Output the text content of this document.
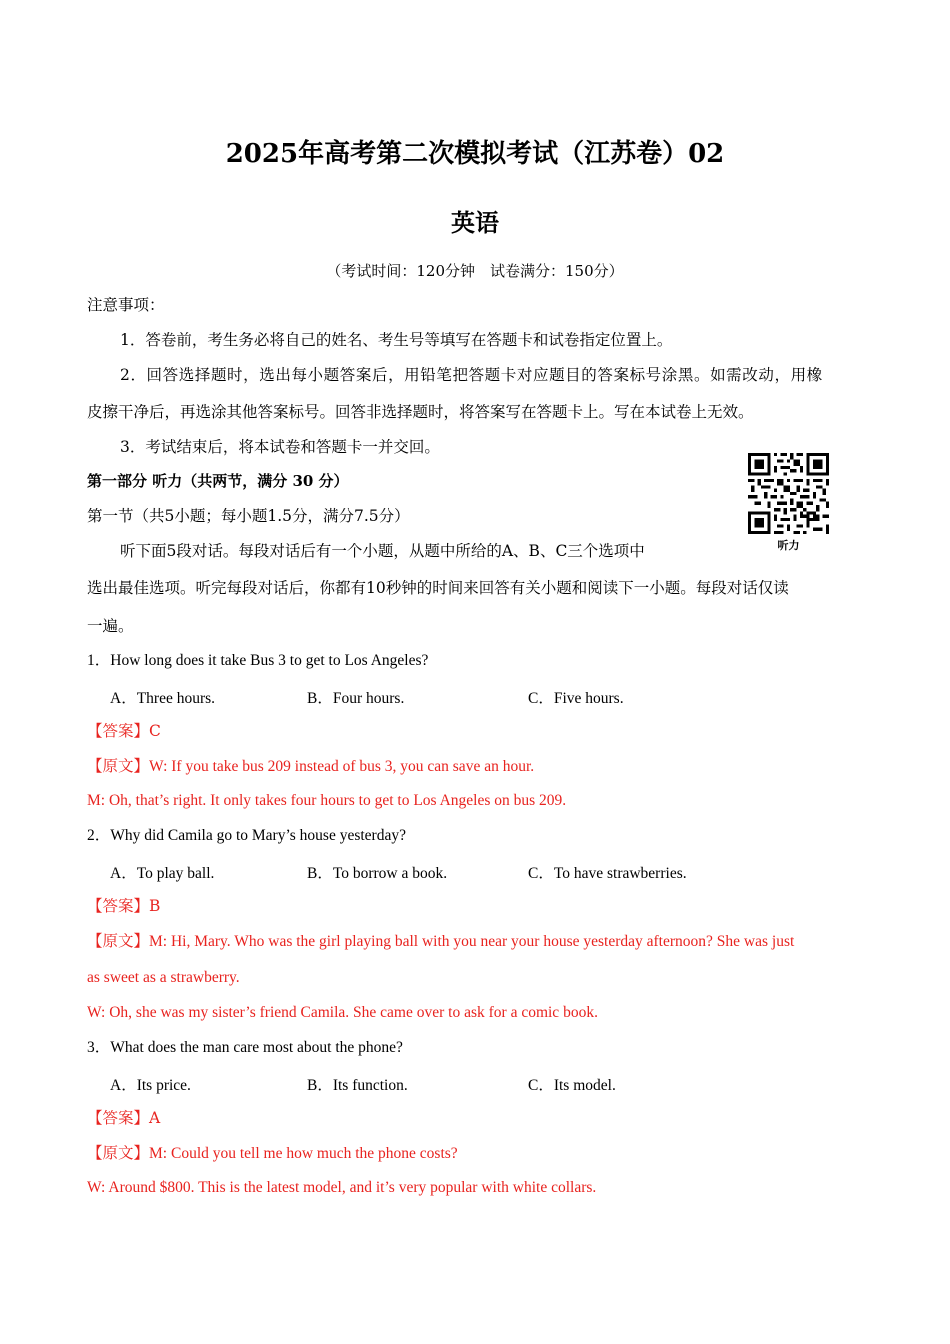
2025年高考第二次模拟考试（江苏卷）02
英语
（考试时间：120分钟　试卷满分：150分）
注意事项：
1．答卷前，考生务必将自己的姓名、考生号等填写在答题卡和试卷指定位置上。
2．回答选择题时，选出每小题答案后，用铅笔把答题卡对应题目的答案标号涂黑。如需改动，用橡
皮擦干净后，再选涂其他答案标号。回答非选择题时，将答案写在答题卡上。写在本试卷上无效。
3．考试结束后，将本试卷和答题卡一并交回。
第一部分 听力（共两节，满分 30 分）
第一节（共5小题；每小题1.5分，满分7.5分）
听下面5段对话。每段对话后有一个小题，从题中所给的A、B、C三个选项中
选出最佳选项。听完每段对话后，你都有10秒钟的时间来回答有关小题和阅读下一小题。每段对话仅读
一遍。
听力
1．How long does it take Bus 3 to get to Los Angeles?
A．Three hours.	B．Four hours.	C．Five hours.
【答案】C
【原文】W: If you take bus 209 instead of bus 3, you can save an hour.
M: Oh, that’s right. It only takes four hours to get to Los Angeles on bus 209.
2．Why did Camila go to Mary’s house yesterday?
A．To play ball.	B．To borrow a book.	C．To have strawberries.
【答案】B
【原文】M: Hi, Mary. Who was the girl playing ball with you near your house yesterday afternoon? She was just
as sweet as a strawberry.
W: Oh, she was my sister’s friend Camila. She came over to ask for a comic book.
3．What does the man care most about the phone?
A．Its price.	B．Its function.	C．Its model.
【答案】A
【原文】M: Could you tell me how much the phone costs?
W: Around $800. This is the latest model, and it’s very popular with white collars.
